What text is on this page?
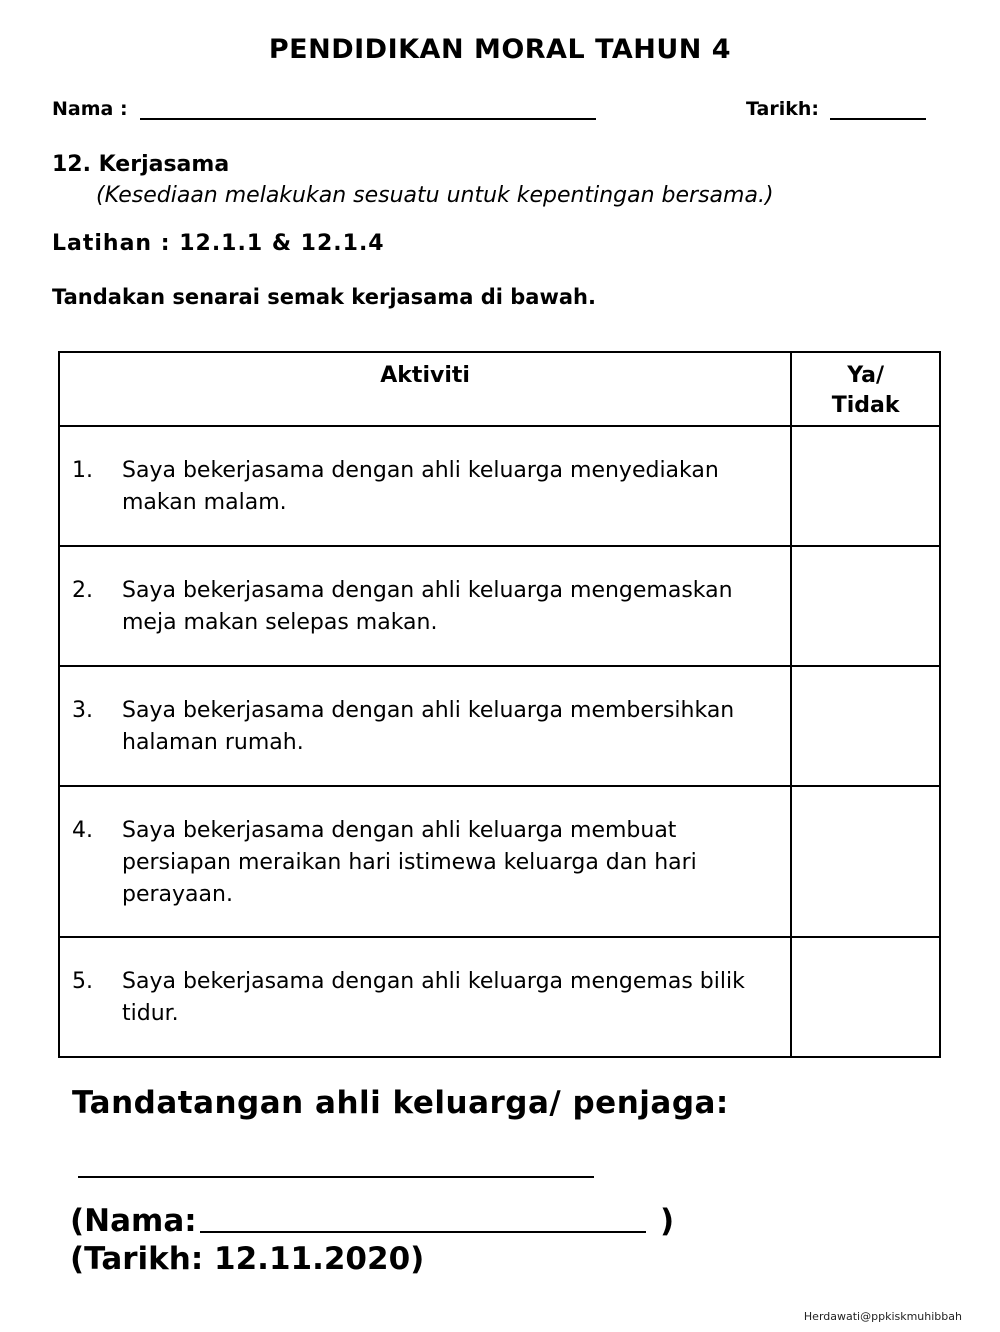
PENDIDIKAN MORAL TAHUN 4
Nama :	Tarikh:
12. Kerjasama
(Kesediaan melakukan sesuatu untuk kepentingan bersama.)
Latihan : 12.1.1 & 12.1.4
Tandakan senarai semak kerjasama di bawah.
Aktiviti	Ya/ Tidak

1. Saya bekerjasama dengan ahli keluarga menyediakan makan malam.	

2. Saya bekerjasama dengan ahli keluarga mengemaskan meja makan selepas makan.	

3. Saya bekerjasama dengan ahli keluarga membersihkan halaman rumah.	

4. Saya bekerjasama dengan ahli keluarga membuat persiapan meraikan hari istimewa keluarga dan hari perayaan.	

5. Saya bekerjasama dengan ahli keluarga mengemas bilik tidur.	

Tandatangan ahli keluarga/ penjaga:
(Nama:	)
(Tarikh: 12.11.2020)
Herdawati@ppkiskmuhibbah
